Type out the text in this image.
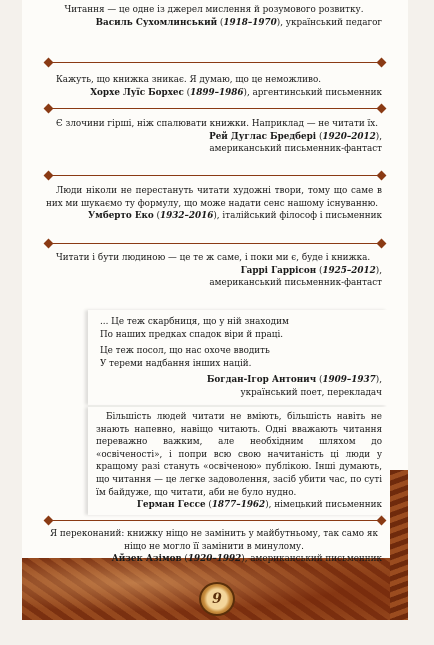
Читання — це одне із джерел мислення й розумового розвитку.

Василь Сухомлинський (1918–1970), український педагог

Кажуть, що книжка зникає. Я думаю, що це неможливо.

Хорхе Луїс Борхес (1899–1986), аргентинський письменник

Є злочини гірші, ніж спалювати книжки. Наприклад — не читати їх.

Рей Дуглас Бредбері (1920–2012),

американський письменник-фантаст

Люди ніколи не перестануть читати художні твори, тому що саме в них ми шукаємо ту формулу, що може надати сенс нашому існуванню.

Умберто Еко (1932–2016), італійський філософ і письменник

Читати і бути людиною — це те ж саме, і поки ми є, буде і книжка.

Гаррі Гаррісон (1925–2012),

американський письменник-фантаст

... Це теж скарбниця, що у ній знаходим

По наших предках спадок віри й праці.

Це теж посол, що нас охоче вводить

У тереми надбання інших націй.

Богдан-Ігор Антонич (1909–1937),

український поет, перекладач

Більшість людей читати не вміють, більшість навіть не знають напевно, навіщо читають. Одні вважають читання переважно важким, але необхідним шляхом до «освіченості», і попри всю свою начитаність ці люди у кращому разі стануть «освіченою» публікою. Інші думають, що читання — це легке задоволення, засіб убити час, по суті їм байдуже, що читати, аби не було нудно.

Герман Гессе (1877–1962), німецький письменник

Я переконаний: книжку ніщо не замінить у майбутньому, так само як ніщо не могло її замінити в минулому.

Айзек Азімов (1920–1992), американський письменник

9
